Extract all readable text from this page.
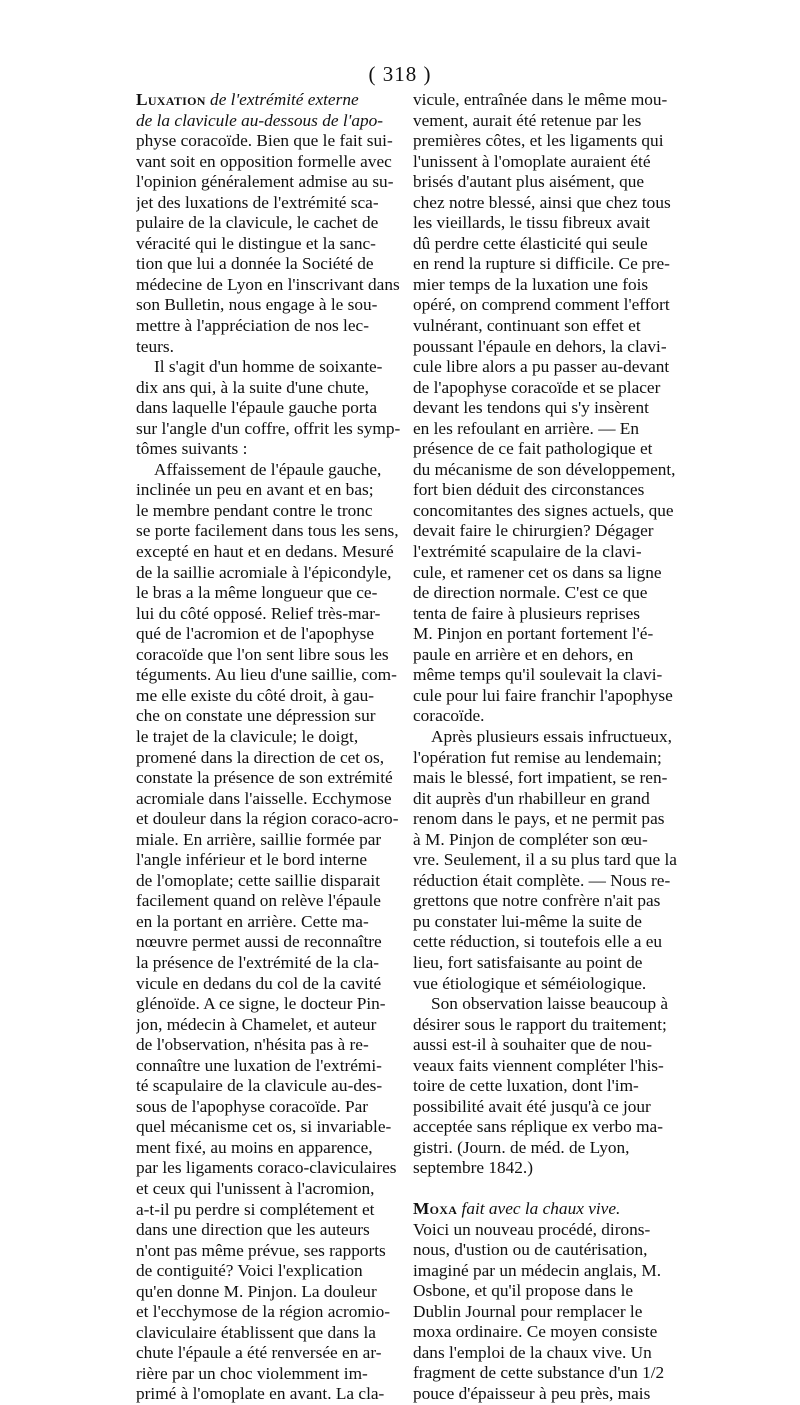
( 318 )
Luxation de l'extrémité externe
de la clavicule au-dessous de l'apo-
physe coracoïde. Bien que le fait sui-
vant soit en opposition formelle avec
l'opinion généralement admise au su-
jet des luxations de l'extrémité sca-
pulaire de la clavicule, le cachet de
véracité qui le distingue et la sanc-
tion que lui a donnée la Société de
médecine de Lyon en l'inscrivant dans
son Bulletin, nous engage à le sou-
mettre à l'appréciation de nos lec-
teurs.
Il s'agit d'un homme de soixante-
dix ans qui, à la suite d'une chute,
dans laquelle l'épaule gauche porta
sur l'angle d'un coffre, offrit les symp-
tômes suivants :
Affaissement de l'épaule gauche,
inclinée un peu en avant et en bas;
le membre pendant contre le tronc
se porte facilement dans tous les sens,
excepté en haut et en dedans. Mesuré
de la saillie acromiale à l'épicondyle,
le bras a la même longueur que ce-
lui du côté opposé. Relief très-mar-
qué de l'acromion et de l'apophyse
coracoïde que l'on sent libre sous les
téguments. Au lieu d'une saillie, com-
me elle existe du côté droit, à gau-
che on constate une dépression sur
le trajet de la clavicule; le doigt,
promené dans la direction de cet os,
constate la présence de son extrémité
acromiale dans l'aisselle. Ecchymose
et douleur dans la région coraco-acro-
miale. En arrière, saillie formée par
l'angle inférieur et le bord interne
de l'omoplate; cette saillie disparait
facilement quand on relève l'épaule
en la portant en arrière. Cette ma-
nœuvre permet aussi de reconnaître
la présence de l'extrémité de la cla-
vicule en dedans du col de la cavité
glénoïde. A ce signe, le docteur Pin-
jon, médecin à Chamelet, et auteur
de l'observation, n'hésita pas à re-
connaître une luxation de l'extrémi-
té scapulaire de la clavicule au-des-
sous de l'apophyse coracoïde. Par
quel mécanisme cet os, si invariable-
ment fixé, au moins en apparence,
par les ligaments coraco-claviculaires
et ceux qui l'unissent à l'acromion,
a-t-il pu perdre si complétement et
dans une direction que les auteurs
n'ont pas même prévue, ses rapports
de contiguité? Voici l'explication
qu'en donne M. Pinjon. La douleur
et l'ecchymose de la région acromio-
claviculaire établissent que dans la
chute l'épaule a été renversée en ar-
rière par un choc violemment im-
primé à l'omoplate en avant. La cla-
vicule, entraînée dans le même mou-
vement, aurait été retenue par les
premières côtes, et les ligaments qui
l'unissent à l'omoplate auraient été
brisés d'autant plus aisément, que
chez notre blessé, ainsi que chez tous
les vieillards, le tissu fibreux avait
dû perdre cette élasticité qui seule
en rend la rupture si difficile. Ce pre-
mier temps de la luxation une fois
opéré, on comprend comment l'effort
vulnérant, continuant son effet et
poussant l'épaule en dehors, la clavi-
cule libre alors a pu passer au-devant
de l'apophyse coracoïde et se placer
devant les tendons qui s'y insèrent
en les refoulant en arrière. — En
présence de ce fait pathologique et
du mécanisme de son développement,
fort bien déduit des circonstances
concomitantes des signes actuels, que
devait faire le chirurgien? Dégager
l'extrémité scapulaire de la clavi-
cule, et ramener cet os dans sa ligne
de direction normale. C'est ce que
tenta de faire à plusieurs reprises
M. Pinjon en portant fortement l'é-
paule en arrière et en dehors, en
même temps qu'il soulevait la clavi-
cule pour lui faire franchir l'apophyse
coracoïde.
Après plusieurs essais infructueux,
l'opération fut remise au lendemain;
mais le blessé, fort impatient, se ren-
dit auprès d'un rhabilleur en grand
renom dans le pays, et ne permit pas
à M. Pinjon de compléter son œu-
vre. Seulement, il a su plus tard que la
réduction était complète. — Nous re-
grettons que notre confrère n'ait pas
pu constater lui-même la suite de
cette réduction, si toutefois elle a eu
lieu, fort satisfaisante au point de
vue étiologique et séméiologique.
Son observation laisse beaucoup à
désirer sous le rapport du traitement;
aussi est-il à souhaiter que de nou-
veaux faits viennent compléter l'his-
toire de cette luxation, dont l'im-
possibilité avait été jusqu'à ce jour
acceptée sans réplique ex verbo ma-
gistri. (Journ. de méd. de Lyon,
septembre 1842.)
Moxa fait avec la chaux vive.
Voici un nouveau procédé, dirons-
nous, d'ustion ou de cautérisation,
imaginé par un médecin anglais, M.
Osbone, et qu'il propose dans le
Dublin Journal pour remplacer le
moxa ordinaire. Ce moyen consiste
dans l'emploi de la chaux vive. Un
fragment de cette substance d'un 1/2
pouce d'épaisseur à peu près, mais
